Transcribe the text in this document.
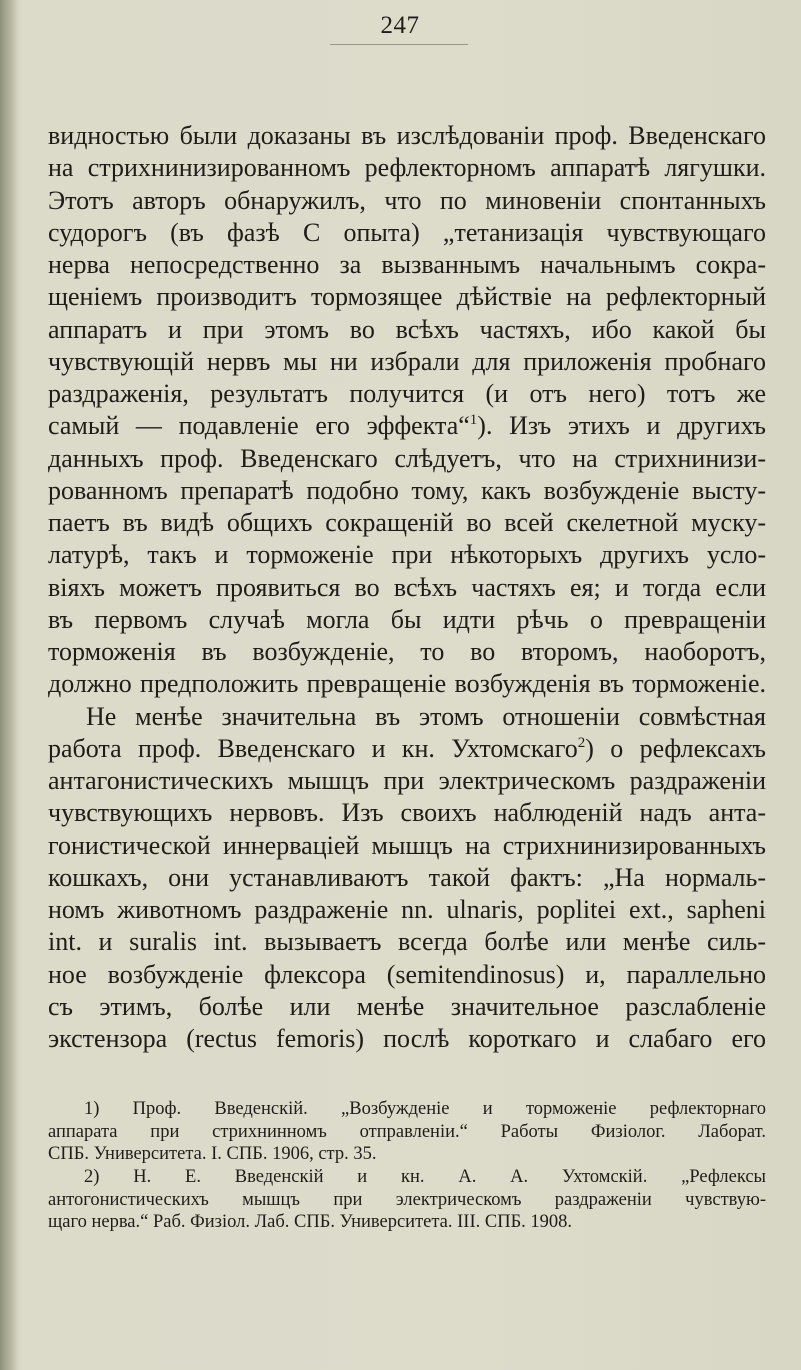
247
видностью были доказаны въ изслѣдованіи проф. Введенскаго
на стрихнинизированномъ рефлекторномъ аппаратѣ лягушки.
Этотъ авторъ обнаружилъ, что по миновеніи спонтанныхъ
судорогъ (въ фазѣ С опыта) „тетанизація чувствующаго
нерва непосредственно за вызваннымъ начальнымъ сокра-
щеніемъ производитъ тормозящее дѣйствіе на рефлекторный
аппаратъ и при этомъ во всѣхъ частяхъ, ибо какой бы
чувствующій нервъ мы ни избрали для приложенія пробнаго
раздраженія, результатъ получится (и отъ него) тотъ же
самый — подавленіе его эффекта“$^1$). Изъ этихъ и другихъ
данныхъ проф. Введенскаго слѣдуетъ, что на стрихнинизи-
рованномъ препаратѣ подобно тому, какъ возбужденіе высту-
паетъ въ видѣ общихъ сокращеній во всей скелетной муску-
латурѣ, такъ и торможеніе при нѣкоторыхъ другихъ усло-
віяхъ можетъ проявиться во всѣхъ частяхъ ея; и тогда если
въ первомъ случаѣ могла бы идти рѣчь о превращеніи
торможенія въ возбужденіе, то во второмъ, наоборотъ,
должно предположить превращеніе возбужденія въ торможеніе.
Не менѣе значительна въ этомъ отношеніи совмѣстная
работа проф. Введенскаго и кн. Ухтомскаго$^2$) о рефлексахъ
антагонистическихъ мышцъ при электрическомъ раздраженіи
чувствующихъ нервовъ. Изъ своихъ наблюденій надъ анта-
гонистической иннерваціей мышцъ на стрихнинизированныхъ
кошкахъ, они устанавливаютъ такой фактъ: „На нормаль-
номъ животномъ раздраженіе nn. ulnaris, poplitei ext., sapheni
int. и suralis int. вызываетъ всегда болѣе или менѣе силь-
ное возбужденіе флексора (semitendinosus) и, параллельно
съ этимъ, болѣе или менѣе значительное разслабленіе
экстензора (rectus femoris) послѣ короткаго и слабаго его
1) Проф. Введенскій. „Возбужденіе и торможеніе рефлекторнаго
аппарата при стрихнинномъ отправленіи.“ Работы Физіолог. Лаборат.
СПБ. Университета. I. СПБ. 1906, стр. 35.
2) Н. Е. Введенскій и кн. А. А. Ухтомскій. „Рефлексы
антогонистическихъ мышцъ при электрическомъ раздраженіи чувствую-
щаго нерва.“ Раб. Физіол. Лаб. СПБ. Университета. III. СПБ. 1908.
